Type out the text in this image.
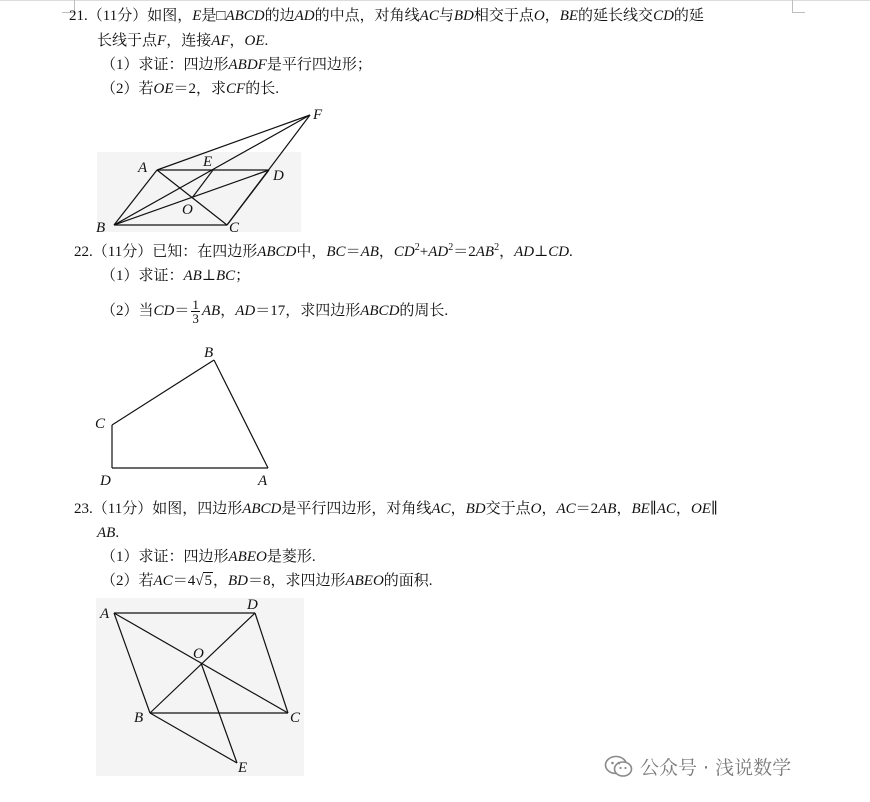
21.（11分）如图，E是□ABCD的边AD的中点，对角线AC与BD相交于点O，BE的延长线交CD的延
长线于点F，连接AF，OE.
（1）求证：四边形ABDF是平行四边形；
（2）若OE＝2，求CF的长.
22.（11分）已知：在四边形ABCD中，BC＝AB，$CD^2+AD^2=2AB^2$，AD⊥CD.
（1）求证：AB⊥BC；
（2）当$CD= \frac{1}{3}$ AB，AD＝17，求四边形ABCD的周长.
23.（11分）如图，四边形ABCD是平行四边形，对角线AC，BD交于点O，AC＝2AB，BE∥AC，OE∥
AB.
（1）求证：四边形ABEO是菱形.
（2）若AC＝4√5，BD＝8，求四边形ABEO的面积.
A	E
D
F
B
O
C
B
C
D	A
A
D
O
B	C
E	公众号 · 浅说数学
